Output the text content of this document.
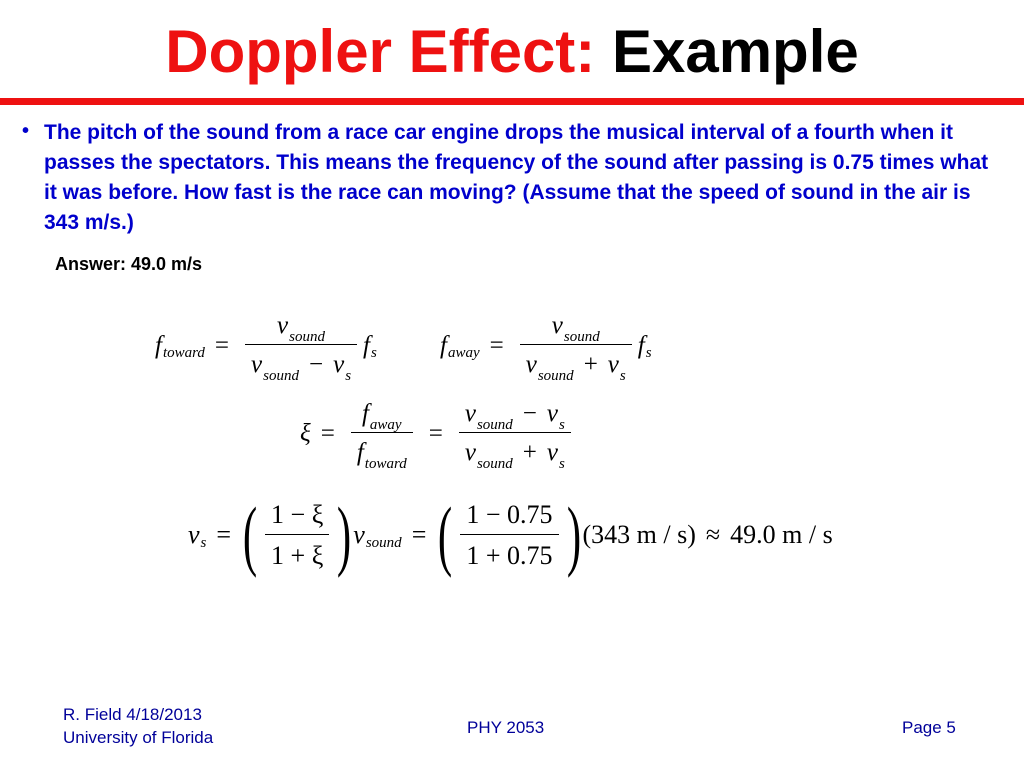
Doppler Effect: Example
• The pitch of the sound from a race car engine drops the musical interval of a fourth when it passes the spectators. This means the frequency of the sound after passing is 0.75 times what it was before. How fast is the race can moving? (Assume that the speed of sound in the air is 343 m/s.)
Answer: 49.0 m/s
f toward = $\frac{\text{v sound}}{\text{v sound − v s}}$ f s	f away = $\frac{\text{v sound}}{\text{v sound + v s}}$ f s
$\xi = \frac{\text{f away}}{\text{f toward}} = \frac{\text{v sound − v s}}{\text{v sound + v s}}$
v s = ( $\frac{1 - \xi}{1 + \xi}$ ) v sound = ( $\frac{1 - 0.75}{1 + 0.75}$ ) (343 m / s) ≈ 49.0 m / s
R. Field 4/18/2013
University of Florida
PHY 2053	Page 5
